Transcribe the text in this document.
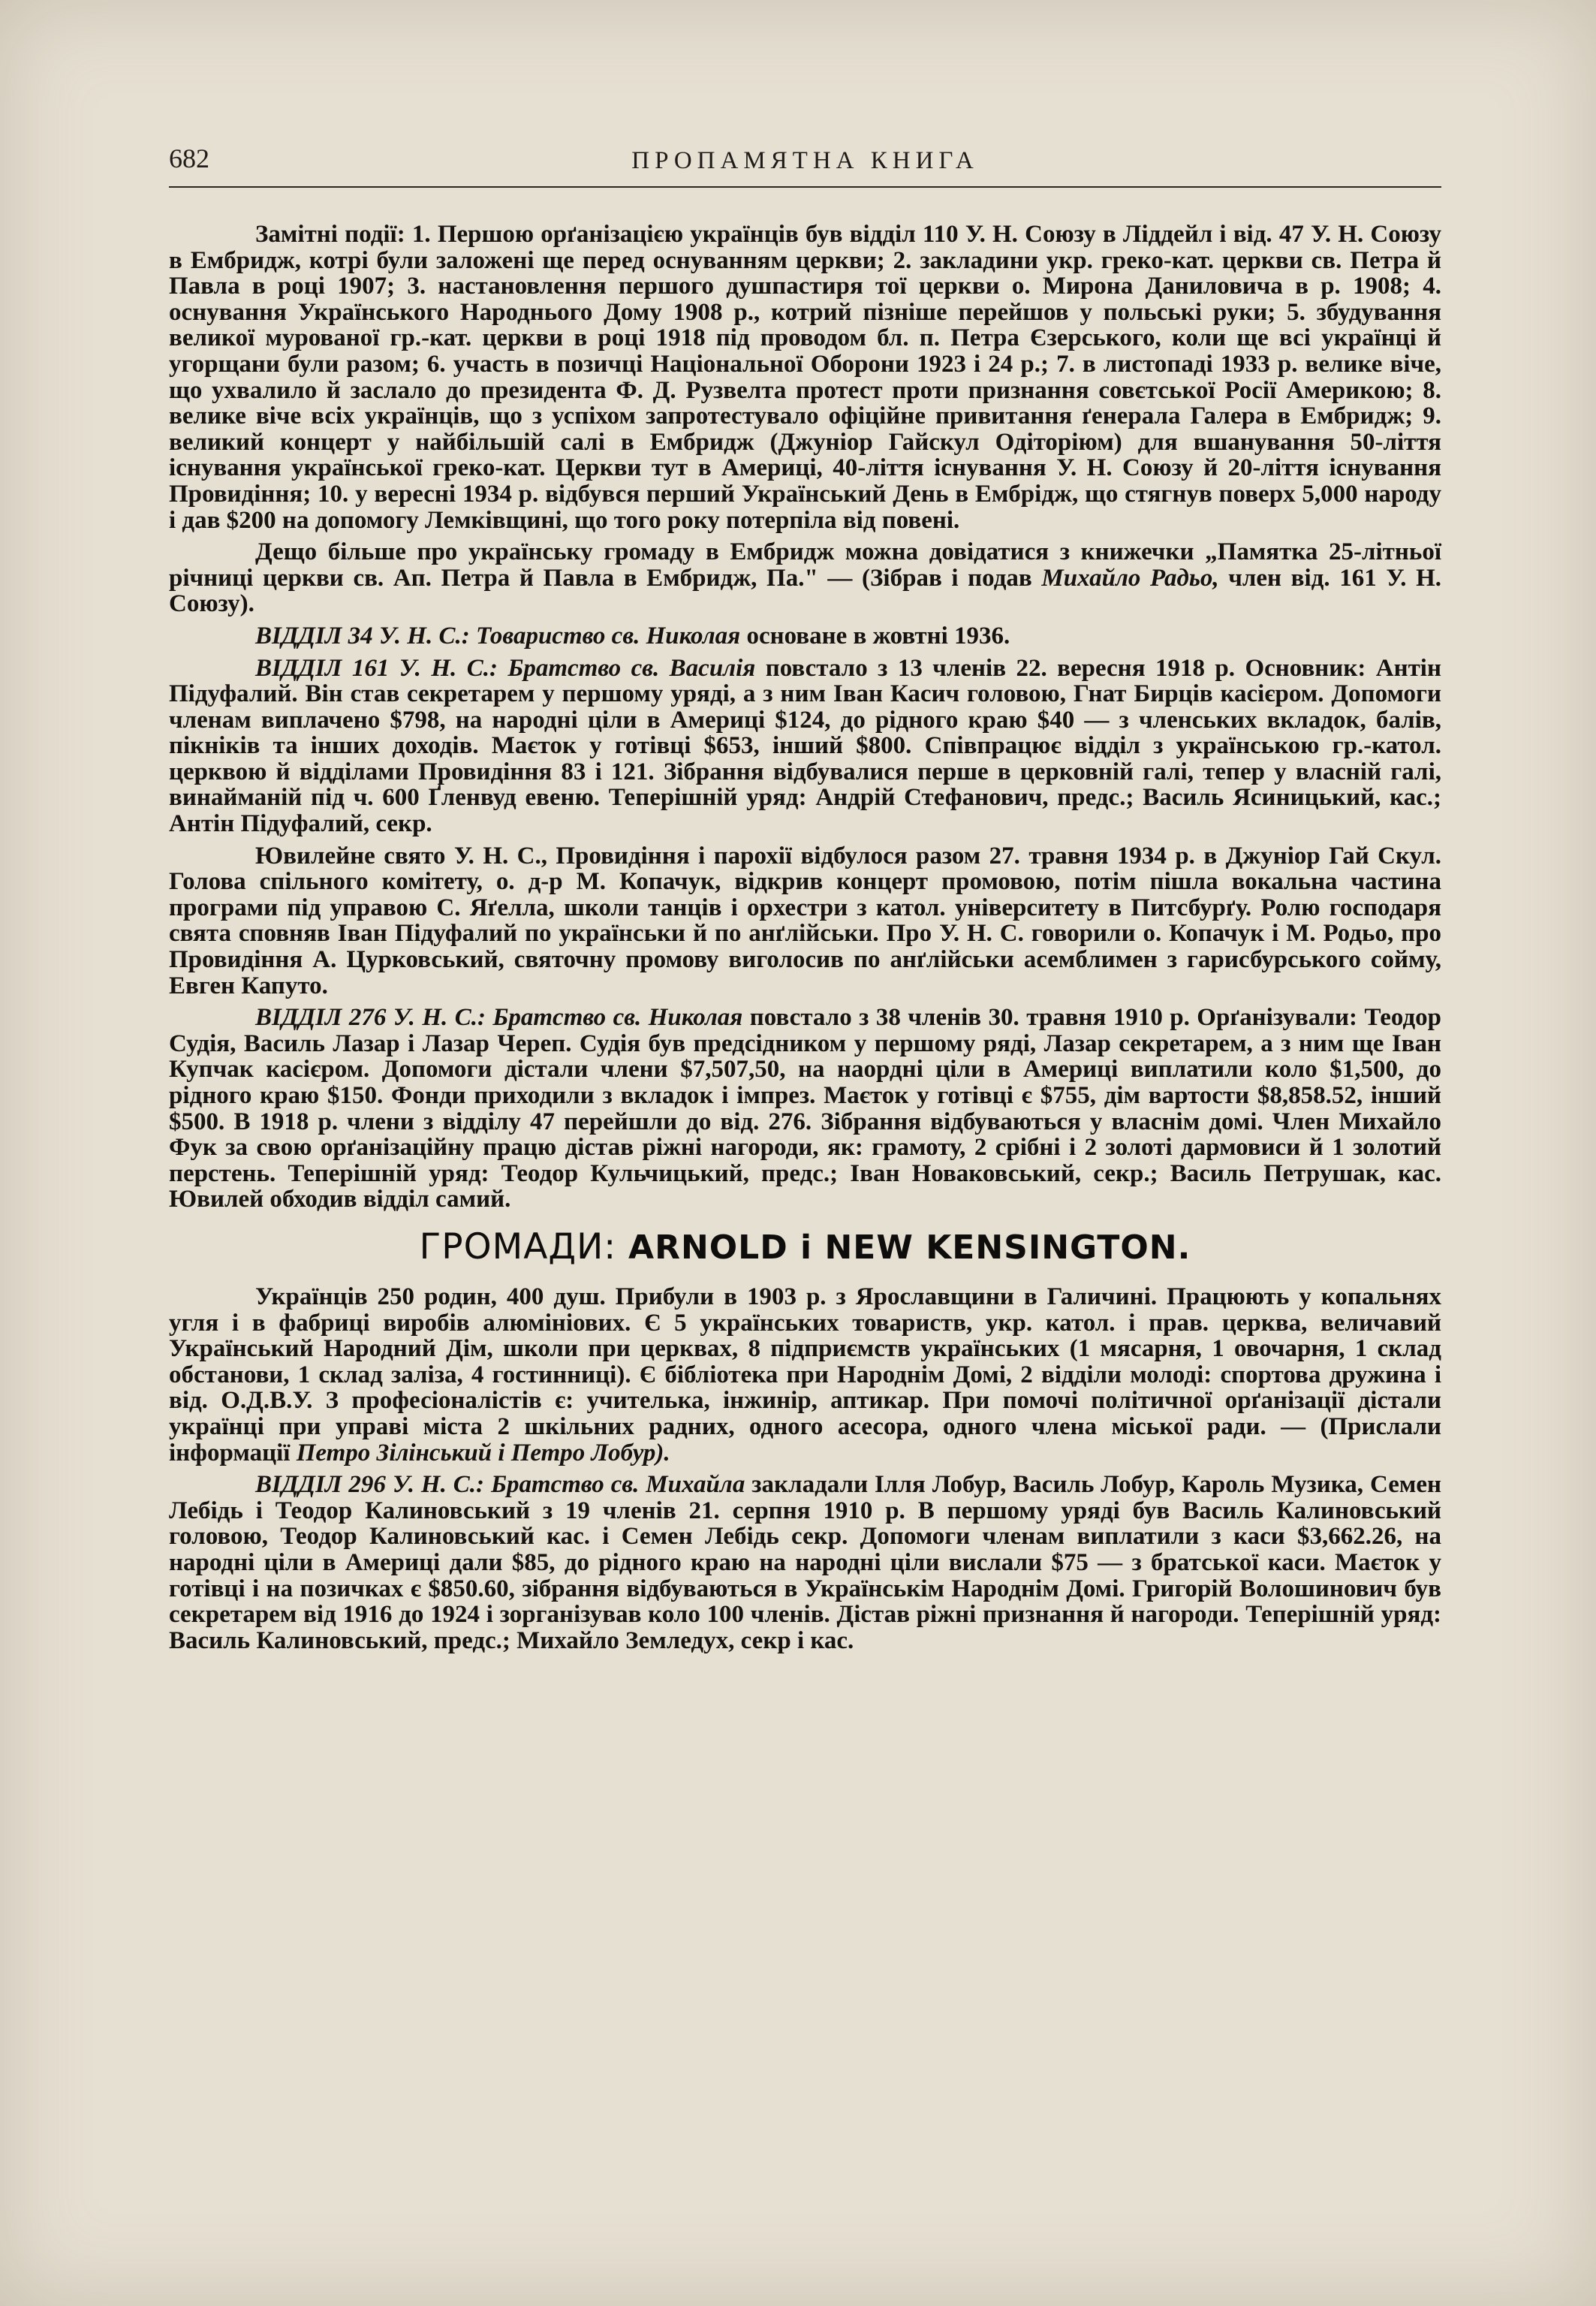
682	ПРОПАМЯТНА КНИГА

Замітні події: 1. Першою орґанізацією українців був відділ 110 У. Н. Союзу в Ліддейл і від. 47 У. Н. Союзу в Ембридж, котрі були заложені ще перед оснуванням церкви; 2. закладини укр. греко-кат. церкви св. Петра й Павла в році 1907; 3. настановлення першого душпастиря тої церкви о. Мирона Даниловича в р. 1908; 4. оснування Українського Народнього Дому 1908 р., котрий пізніше перейшов у польські руки; 5. збудування великої мурованої гр.-кат. церкви в році 1918 під проводом бл. п. Петра Єзерського, коли ще всі українці й угорщани були разом; 6. участь в позичці Національної Оборони 1923 і 24 р.; 7. в листопаді 1933 р. велике віче, що ухвалило й заслало до президента Ф. Д. Рузвелта протест проти признання совєтської Росії Америкою; 8. велике віче всіх українців, що з успіхом запротестувало офіційне привитання ґенерала Галера в Ембридж; 9. великий концерт у найбільшій салі в Ембридж (Джуніор Гайскул Одіторіюм) для вшанування 50-ліття існування української греко-кат. Церкви тут в Америці, 40-ліття існування У. Н. Союзу й 20-ліття існування Провидіння; 10. у вересні 1934 р. відбувся перший Український День в Ембрідж, що стягнув поверх 5,000 народу і дав $200 на допомогу Лемківщині, що того року потерпіла від повені.

Дещо більше про українську громаду в Ембридж можна довідатися з книжечки „Памятка 25-літньої річниці церкви св. Ап. Петра й Павла в Ембридж, Па." — (Зібрав і подав Михайло Радьо, член від. 161 У. Н. Союзу).

ВІДДІЛ 34 У. Н. С.: Товариство св. Николая основане в жовтні 1936.

ВІДДІЛ 161 У. Н. С.: Братство св. Василія повстало з 13 членів 22. вересня 1918 р. Основник: Антін Підуфалий. Він став секретарем у першому уряді, а з ним Іван Касич головою, Гнат Бирців касієром. Допомоги членам виплачено $798, на народні ціли в Америці $124, до рідного краю $40 — з членських вкладок, балів, пікніків та інших доходів. Маєток у готівці $653, інший $800. Співпрацює відділ з українською гр.-катол. церквою й відділами Провидіння 83 і 121. Зібрання відбувалися перше в церковній галі, тепер у власній галі, винайманій під ч. 600 Ґленвуд евеню. Теперішній уряд: Андрій Стефанович, предс.; Василь Ясиницький, кас.; Антін Підуфалий, секр.

Ювилейне свято У. Н. С., Провидіння і парохії відбулося разом 27. травня 1934 р. в Джуніор Гай Скул. Голова спільного комітету, о. д-р М. Копачук, відкрив концерт промовою, потім пішла вокальна частина програми під управою С. Яґелла, школи танців і орхестри з катол. університету в Питсбурґу. Ролю господаря свята сповняв Іван Підуфалий по українськи й по анґлійськи. Про У. Н. С. говорили о. Копачук і М. Родьо, про Провидіння А. Цурковський, святочну промову виголосив по анґлійськи асемблимен з гарисбурського сойму, Евген Капуто.

ВІДДІЛ 276 У. Н. С.: Братство св. Николая повстало з 38 членів 30. травня 1910 р. Орґанізували: Теодор Судія, Василь Лазар і Лазар Череп. Судія був предсідником у першому ряді, Лазар секретарем, а з ним ще Іван Купчак касієром. Допомоги дістали члени $7,507,50, на наорднi ціли в Америці виплатили коло $1,500, до рідного краю $150. Фонди приходили з вкладок і імпрез. Маєток у готівці є $755, дім вартости $8,858.52, інший $500. В 1918 р. члени з відділу 47 перейшли до від. 276. Зібрання відбуваються у власнім домі. Член Михайло Фук за свою орґанізаційну працю дістав ріжні нагороди, як: грамоту, 2 срібні і 2 золоті дармовиси й 1 золотий перстень. Теперішній уряд: Теодор Кульчицький, предс.; Іван Новаковський, секр.; Василь Петрушак, кас. Ювилей обходив відділ самий.

ГРОМАДИ: ARNOLD і NEW KENSINGTON.

Українців 250 родин, 400 душ. Прибули в 1903 р. з Ярославщини в Галичині. Працюють у копальнях угля і в фабриці виробів алюмінiових. Є 5 українських товариств, укр. катол. і прав. церква, величавий Український Народний Дім, школи при церквах, 8 підприємств українських (1 мясарня, 1 овочарня, 1 склад обстанови, 1 склад заліза, 4 гостинниці). Є бібліотека при Народнім Домі, 2 відділи молоді: спортова дружина і від. О.Д.В.У. З професіоналістів є: учителька, інжинір, аптикар. При помочі політичної орґанізації дістали українці при управі міста 2 шкільних радних, одного асесора, одного члена міської ради. — (Прислали інформації Петро Зілінський і Петро Лобур).

ВІДДІЛ 296 У. Н. С.: Братство св. Михайла закладали Ілля Лобур, Василь Лобур, Кароль Музика, Семен Лебідь і Теодор Калиновський з 19 членів 21. серпня 1910 р. В першому уряді був Василь Калиновський головою, Теодор Калиновський кас. і Семен Лебідь секр. Допомоги членам виплатили з каси $3,662.26, на народні ціли в Америці дали $85, до рідного краю на народні ціли вислали $75 — з братської каси. Маєток у готівці і на позичках є $850.60, зібрання відбуваються в Українськім Народнім Домі. Григорій Волошинович був секретарем від 1916 до 1924 і зорганізував коло 100 членів. Дістав ріжні признання й нагороди. Теперішній уряд: Василь Калиновський, предс.; Михайло Земледух, секр і кас.
